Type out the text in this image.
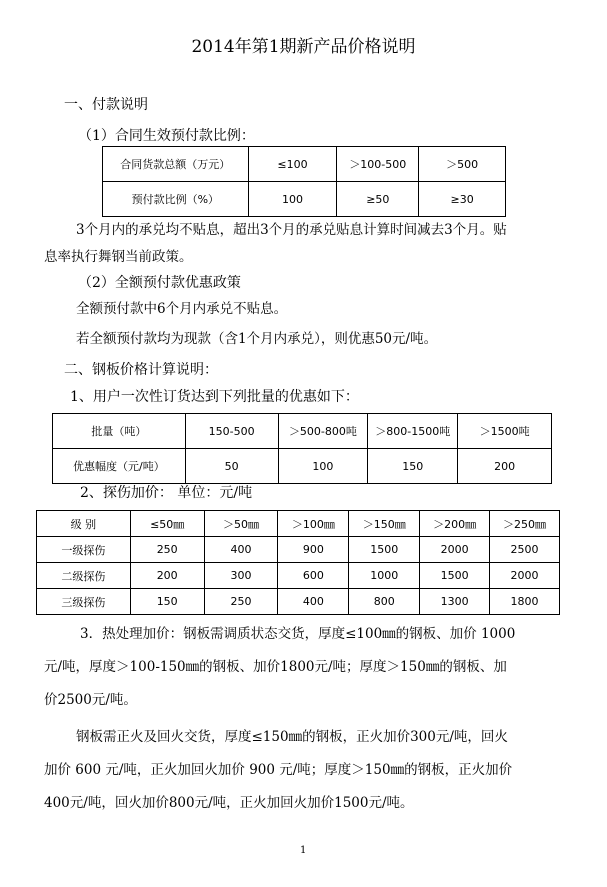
2014年第1期新产品价格说明
一、付款说明
（1）合同生效预付款比例：
合同货款总额（万元）	≤100	＞100-500	＞500
预付款比例（%）	100	≥50	≥30
3个月内的承兑均不贴息，超出3个月的承兑贴息计算时间减去3个月。贴
息率执行舞钢当前政策。
（2）全额预付款优惠政策
全额预付款中6个月内承兑不贴息。
若全额预付款均为现款（含1个月内承兑），则优惠50元/吨。
二、钢板价格计算说明：
1、用户一次性订货达到下列批量的优惠如下：
批量（吨）	150-500	＞500-800吨	＞800-1500吨	＞1500吨
优惠幅度（元/吨）	50	100	150	200
2、探伤加价： 单位：元/吨
级 别	≤50㎜	＞50㎜	＞100㎜	＞150㎜	＞200㎜	＞250㎜
一级探伤	250	400	900	1500	2000	2500
二级探伤	200	300	600	1000	1500	2000
三级探伤	150	250	400	800	1300	1800
3．热处理加价：钢板需调质状态交货，厚度≤100㎜的钢板、加价 1000
元/吨，厚度＞100-150㎜的钢板、加价1800元/吨；厚度＞150㎜的钢板、加
价2500元/吨。
钢板需正火及回火交货，厚度≤150㎜的钢板，正火加价300元/吨，回火
加价 600 元/吨，正火加回火加价 900 元/吨；厚度＞150㎜的钢板，正火加价
400元/吨，回火加价800元/吨，正火加回火加价1500元/吨。
1
